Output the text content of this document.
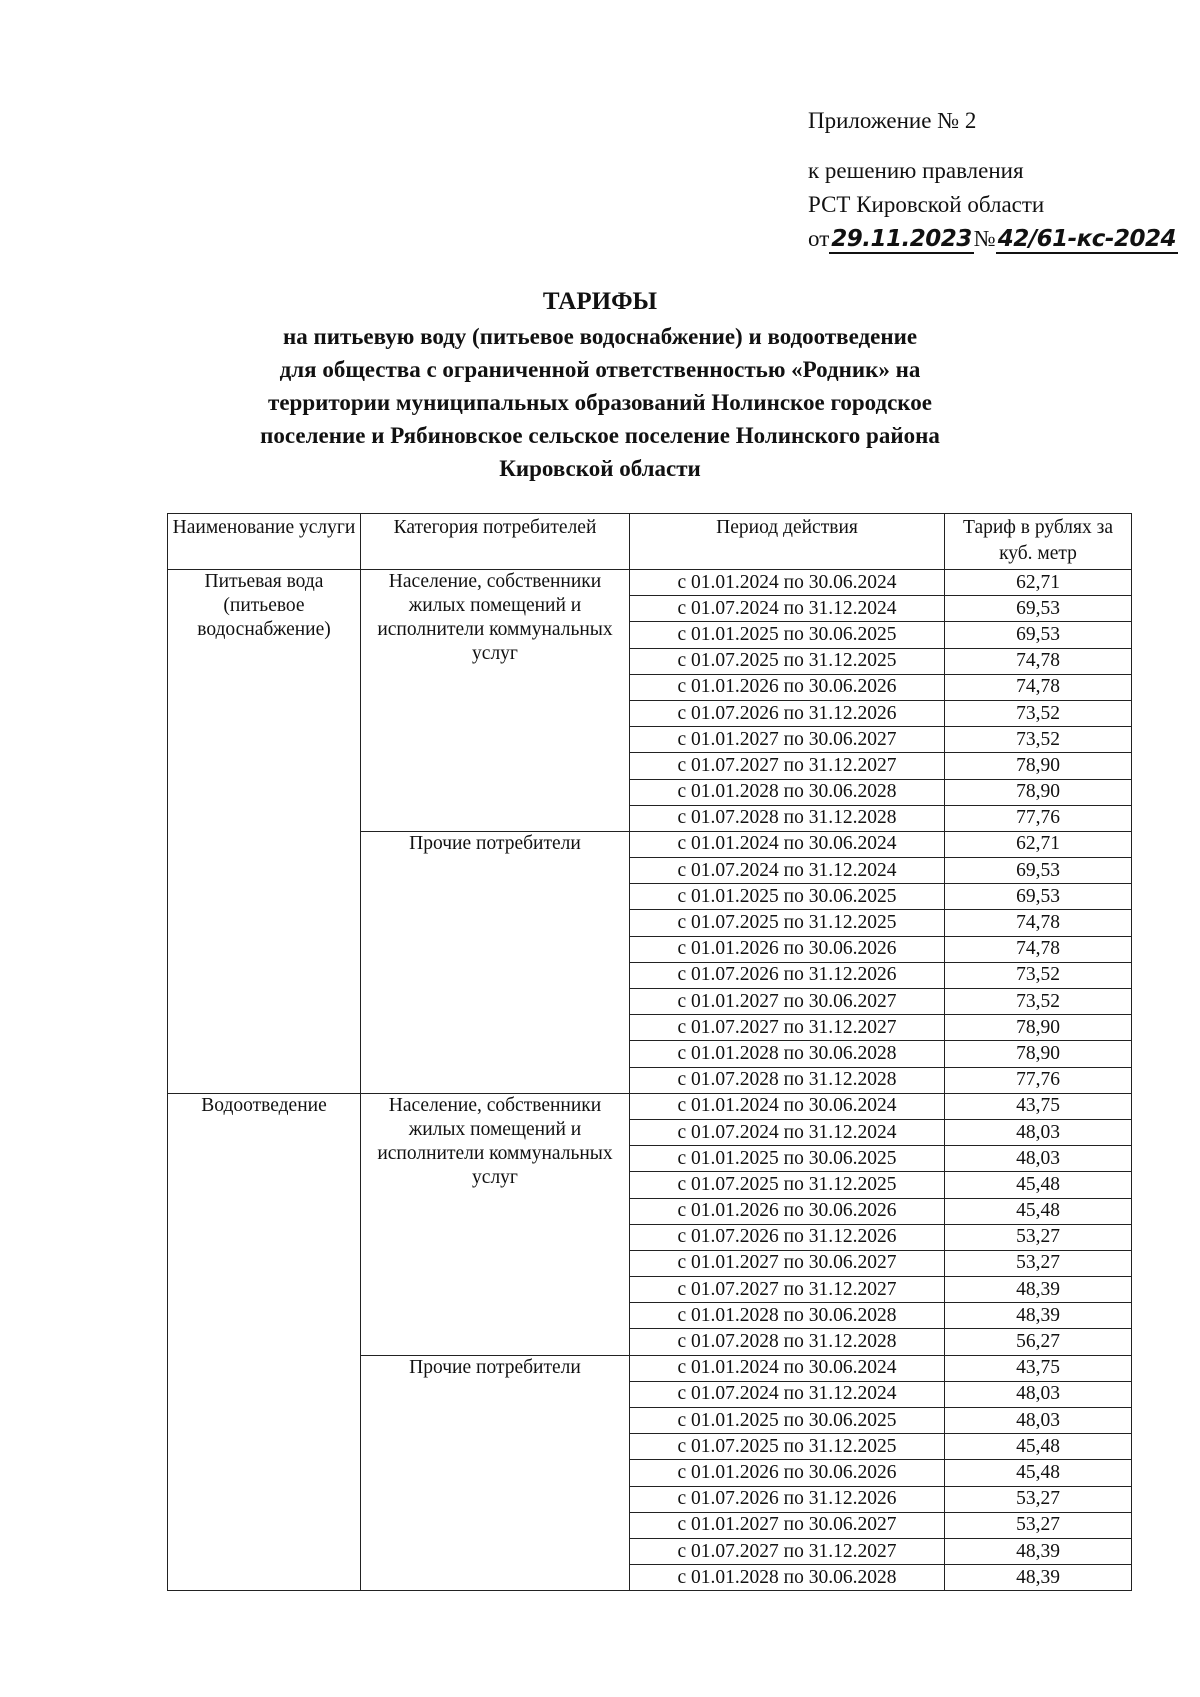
Приложение № 2
к решению правления
РСТ Кировской области
от29.11.2023№42/61-кс-2024
ТАРИФЫ
на питьевую воду (питьевое водоснабжение) и водоотведение
для общества с ограниченной ответственностью «Родник» на
территории муниципальных образований Нолинское городское
поселение и Рябиновское сельское поселение Нолинского района
Кировской области
Наименование услуги	Категория потребителей	Период действия	Тариф в рублях за куб. метр
Питьевая вода (питьевое водоснабжение)	Население, собственники жилых помещений и исполнители коммунальных услуг	с 01.01.2024 по 30.06.2024	62,71
		с 01.07.2024 по 31.12.2024	69,53
		с 01.01.2025 по 30.06.2025	69,53
		с 01.07.2025 по 31.12.2025	74,78
		с 01.01.2026 по 30.06.2026	74,78
		с 01.07.2026 по 31.12.2026	73,52
		с 01.01.2027 по 30.06.2027	73,52
		с 01.07.2027 по 31.12.2027	78,90
		с 01.01.2028 по 30.06.2028	78,90
		с 01.07.2028 по 31.12.2028	77,76
	Прочие потребители	с 01.01.2024 по 30.06.2024	62,71
		с 01.07.2024 по 31.12.2024	69,53
		с 01.01.2025 по 30.06.2025	69,53
		с 01.07.2025 по 31.12.2025	74,78
		с 01.01.2026 по 30.06.2026	74,78
		с 01.07.2026 по 31.12.2026	73,52
		с 01.01.2027 по 30.06.2027	73,52
		с 01.07.2027 по 31.12.2027	78,90
		с 01.01.2028 по 30.06.2028	78,90
		с 01.07.2028 по 31.12.2028	77,76
Водоотведение	Население, собственники жилых помещений и исполнители коммунальных услуг	с 01.01.2024 по 30.06.2024	43,75
		с 01.07.2024 по 31.12.2024	48,03
		с 01.01.2025 по 30.06.2025	48,03
		с 01.07.2025 по 31.12.2025	45,48
		с 01.01.2026 по 30.06.2026	45,48
		с 01.07.2026 по 31.12.2026	53,27
		с 01.01.2027 по 30.06.2027	53,27
		с 01.07.2027 по 31.12.2027	48,39
		с 01.01.2028 по 30.06.2028	48,39
		с 01.07.2028 по 31.12.2028	56,27
	Прочие потребители	с 01.01.2024 по 30.06.2024	43,75
		с 01.07.2024 по 31.12.2024	48,03
		с 01.01.2025 по 30.06.2025	48,03
		с 01.07.2025 по 31.12.2025	45,48
		с 01.01.2026 по 30.06.2026	45,48
		с 01.07.2026 по 31.12.2026	53,27
		с 01.01.2027 по 30.06.2027	53,27
		с 01.07.2027 по 31.12.2027	48,39
		с 01.01.2028 по 30.06.2028	48,39
